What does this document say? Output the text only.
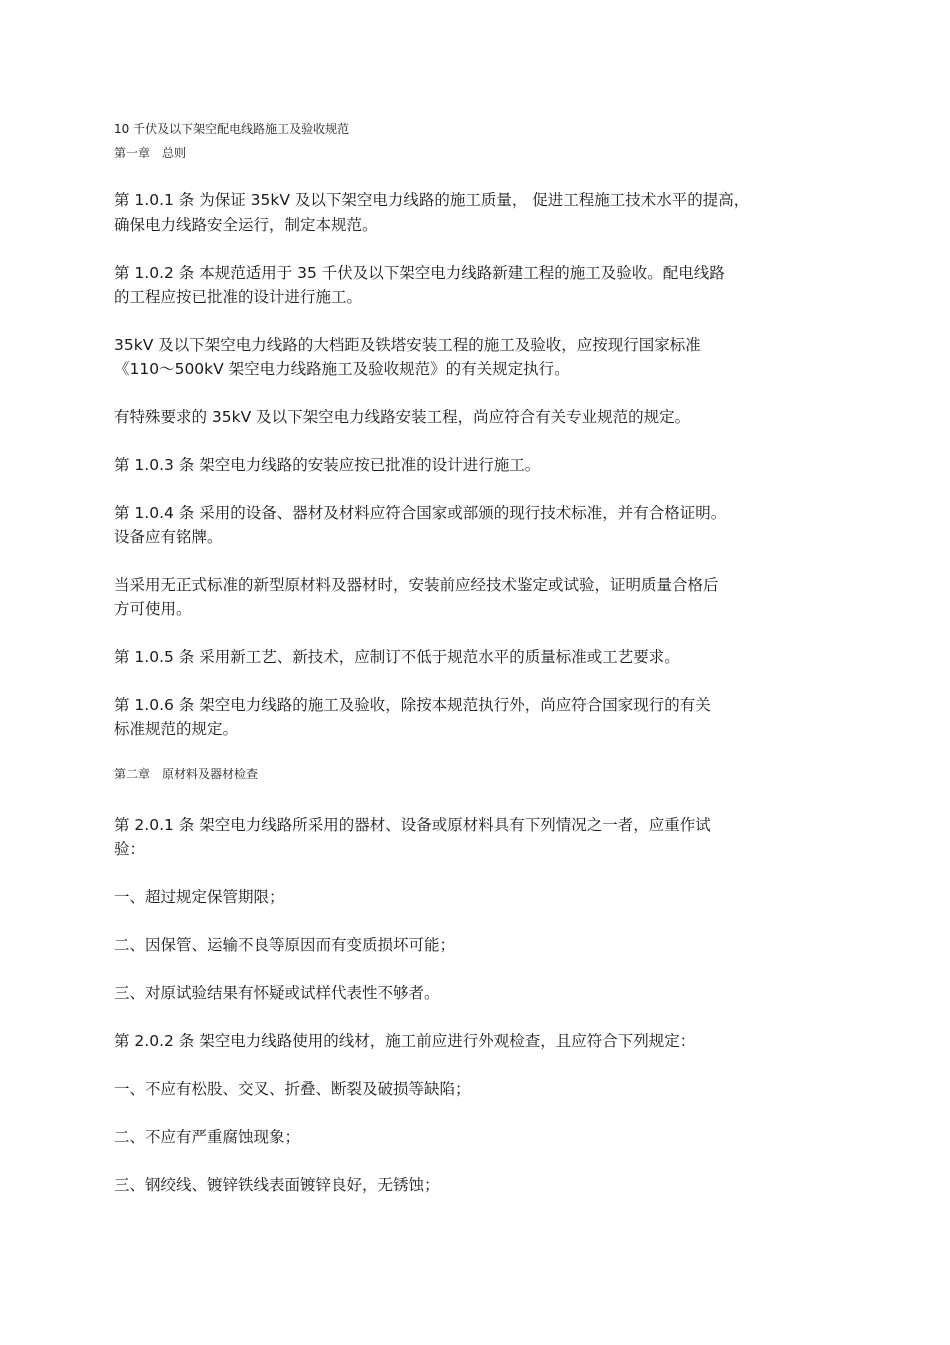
10 千伏及以下架空配电线路施工及验收规范

第一章　总则

第 1.0.1 条 为保证 35kV 及以下架空电力线路的施工质量， 促进工程施工技术水平的提高，

确保电力线路安全运行，制定本规范。

第 1.0.2 条 本规范适用于 35 千伏及以下架空电力线路新建工程的施工及验收。配电线路

的工程应按已批准的设计进行施工。

35kV 及以下架空电力线路的大档距及铁塔安装工程的施工及验收，应按现行国家标准

《110～500kV 架空电力线路施工及验收规范》的有关规定执行。

有特殊要求的 35kV 及以下架空电力线路安装工程，尚应符合有关专业规范的规定。

第 1.0.3 条 架空电力线路的安装应按已批准的设计进行施工。

第 1.0.4 条 采用的设备、器材及材料应符合国家或部颁的现行技术标准，并有合格证明。

设备应有铭牌。

当采用无正式标准的新型原材料及器材时，安装前应经技术鉴定或试验，证明质量合格后

方可使用。

第 1.0.5 条 采用新工艺、新技术，应制订不低于规范水平的质量标准或工艺要求。

第 1.0.6 条 架空电力线路的施工及验收，除按本规范执行外，尚应符合国家现行的有关

标准规范的规定。

第二章　原材料及器材检查

第 2.0.1 条 架空电力线路所采用的器材、设备或原材料具有下列情况之一者，应重作试

验：

一、超过规定保管期限；

二、因保管、运输不良等原因而有变质损坏可能；

三、对原试验结果有怀疑或试样代表性不够者。

第 2.0.2 条 架空电力线路使用的线材，施工前应进行外观检查，且应符合下列规定：

一、不应有松股、交叉、折叠、断裂及破损等缺陷；

二、不应有严重腐蚀现象；

三、钢绞线、镀锌铁线表面镀锌良好，无锈蚀；
